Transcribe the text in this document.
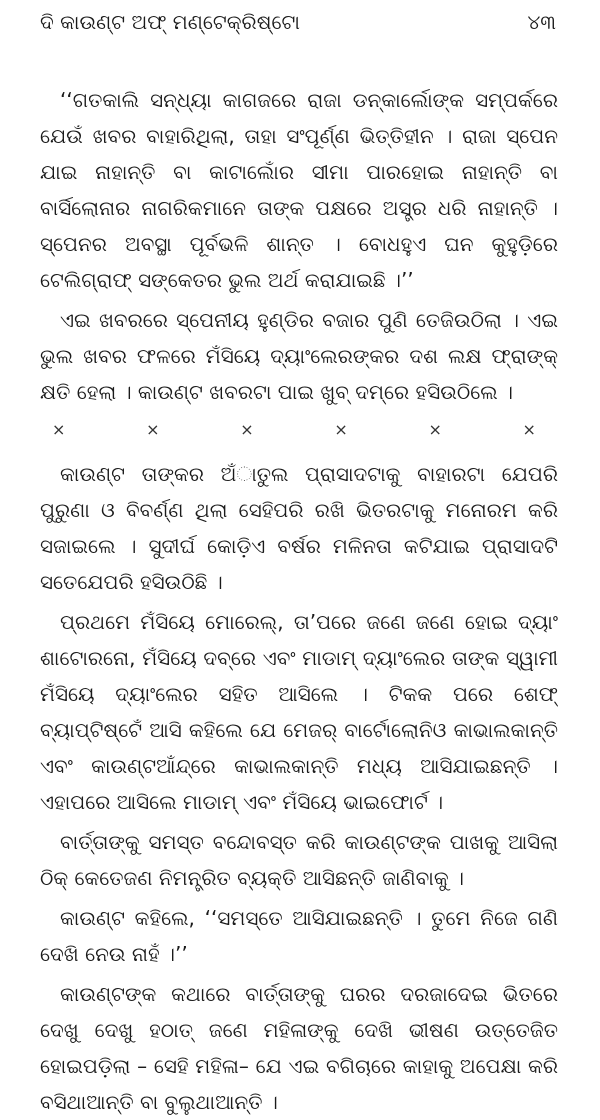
ଦି କାଉଣ୍ଟ ଅଫ୍ ମଣ୍ଟେକ୍ରିଷ୍ଟୋ	୪୩

‘‘ଗତକାଲି ସନ୍ଧ୍ୟା କାଗଜରେ ରାଜା ଡନ୍‌କାର୍ଲୋଙ୍କ ସମ୍ପର୍କରେ ଯେଉଁ ଖବର ବାହାରିଥିଲା, ତାହା ସଂପୂର୍ଣ୍ଣ ଭିତ୍ତିହୀନ । ରାଜା ସ୍ପେନ ଯାଇ ନାହାନ୍ତି ବା କାଟାଲୋଁର ସୀମା ପାରହୋଇ ନାହାନ୍ତି ବା ବାର୍ସିଲୋନାର ନାଗରିକମାନେ ତାଙ୍କ ପକ୍ଷରେ ଅସ୍ତ୍ର ଧରି ନାହାନ୍ତି । ସ୍ପେନର ଅବସ୍ଥା ପୂର୍ବଭଳି ଶାନ୍ତ । ବୋଧହୁଏ ଘନ କୁହୁଡ଼ିରେ ଟେଲିଗ୍ରାଫ୍ ସଙ୍କେତର ଭୁଲ ଅର୍ଥ କରାଯାଇଛି ।’’

ଏଇ ଖବରରେ ସ୍ପେନୀୟ ହୁଣ୍ଡିର ବଜାର ପୁଣି ତେଜିଉଠିଲା । ଏଇ ଭୁଲ ଖବର ଫଳରେ ମଁସିୟେ ଦ୍ୟାଂଲେରଙ୍କର ଦଶ ଲକ୍ଷ ଫ୍ରାଙ୍କ୍ କ୍ଷତି ହେଲା । କାଉଣ୍ଟ ଖବରଟା ପାଇ ଖୁବ୍ ଦମ୍‌ରେ ହସିଉଠିଲେ ।

×	×	×	×	×	×

କାଉଣ୍ଟ ତାଙ୍କର ଅଁାତୁଲ ପ୍ରାସାଦଟାକୁ ବାହାରଟା ଯେପରି ପୁରୁଣା ଓ ବିବର୍ଣ୍ଣ ଥିଲା ସେହିପରି ରଖି ଭିତରଟାକୁ ମନୋରମ କରି ସଜାଇଲେ । ସୁଦୀର୍ଘ କୋଡ଼ିଏ ବର୍ଷର ମଳିନତା କଟିଯାଇ ପ୍ରାସାଦଟି ସତେଯେପରି ହସିଉଠିଛି ।

ପ୍ରଥମେ ମଁସିୟେ ମୋରେଲ୍, ତା’ପରେ ଜଣେ ଜଣେ ହୋଇ ଦ୍ୟାଂ ଶାଟୋରନୋ, ମଁସିୟେ ଦବ୍ରେ ଏବଂ ମାଡାମ୍ ଦ୍ୟାଂଲେର ତାଙ୍କ ସ୍ୱାମୀ ମଁସିୟେ ଦ୍ୟାଂଲେର ସହିତ ଆସିଲେ । ଟିକକ ପରେ ଶେଫ୍ ବ୍ୟାପ୍ଟିଷ୍ଟେଁ ଆସି କହିଲେ ଯେ ମେଜର୍ ବାର୍ଟୋଲୋନିଓ କାଭାଲକାନ୍ତି ଏବଂ କାଉଣ୍ଟଆଁନ୍ଦ୍ରେ କାଭାଲକାନ୍ତି ମଧ୍ୟ ଆସିଯାଇଛନ୍ତି । ଏହାପରେ ଆସିଲେ ମାଡାମ୍ ଏବଂ ମଁସିୟେ ଭାଇଫୋର୍ଟ ।

ବାର୍ତ୍ତାଙ୍କୁ ସମସ୍ତ ବନ୍ଦୋବସ୍ତ କରି କାଉଣ୍ଟଙ୍କ ପାଖକୁ ଆସିଲା ଠିକ୍ କେତେଜଣ ନିମନ୍ତ୍ରିତ ବ୍ୟକ୍ତି ଆସିଛନ୍ତି ଜାଣିବାକୁ ।

କାଉଣ୍ଟ କହିଲେ, ‘‘ସମସ୍ତେ ଆସିଯାଇଛନ୍ତି । ତୁମେ ନିଜେ ଗଣି ଦେଖି ନେଉ ନାହଁ ।’’

କାଉଣ୍ଟଙ୍କ କଥାରେ ବାର୍ତ୍ତାଙ୍କୁ ଘରର ଦରଜାଦେଇ ଭିତରେ ଦେଖୁ ଦେଖୁ ହଠାତ୍ ଜଣେ ମହିଳାଙ୍କୁ ଦେଖି ଭୀଷଣ ଉତ୍ତେଜିତ ହୋଇପଡ଼ିଲା – ସେହି ମହିଳା– ଯେ ଏଇ ବଗିଚାରେ କାହାକୁ ଅପେକ୍ଷା କରି ବସିଥାଆନ୍ତି ବା ବୁଲୁଥାଆନ୍ତି ।
